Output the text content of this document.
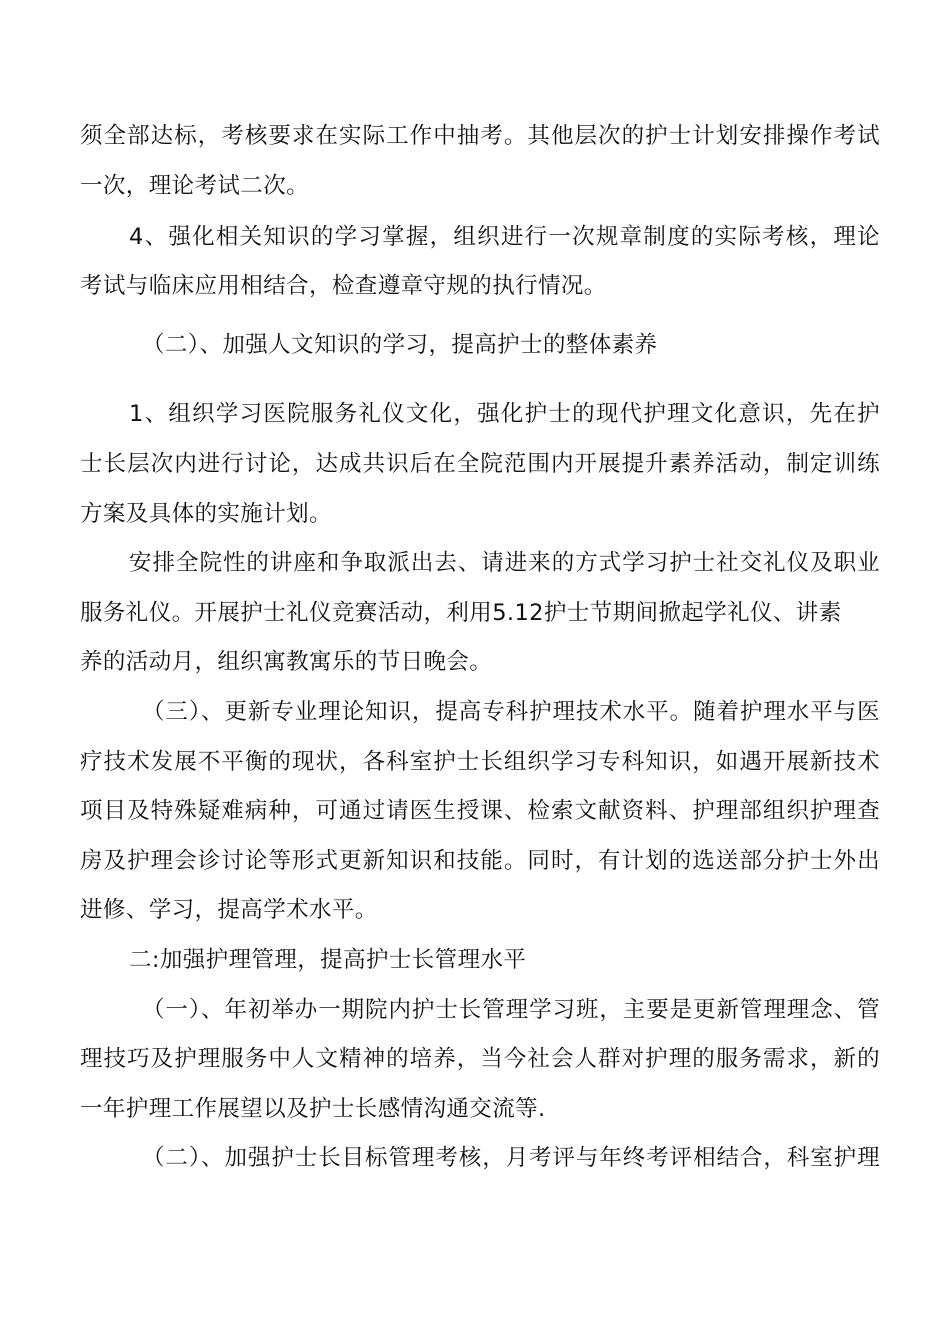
须全部达标，考核要求在实际工作中抽考。其他层次的护士计划安排操作考试
一次，理论考试二次。
4、强化相关知识的学习掌握，组织进行一次规章制度的实际考核，理论
考试与临床应用相结合，检查遵章守规的执行情况。
（二）、加强人文知识的学习，提高护士的整体素养
1、组织学习医院服务礼仪文化，强化护士的现代护理文化意识，先在护
士长层次内进行讨论，达成共识后在全院范围内开展提升素养活动，制定训练
方案及具体的实施计划。
安排全院性的讲座和争取派出去、请进来的方式学习护士社交礼仪及职业
服务礼仪。开展护士礼仪竞赛活动，利用5.12护士节期间掀起学礼仪、讲素
养的活动月，组织寓教寓乐的节日晚会。
（三）、更新专业理论知识，提高专科护理技术水平。随着护理水平与医
疗技术发展不平衡的现状，各科室护士长组织学习专科知识，如遇开展新技术
项目及特殊疑难病种，可通过请医生授课、检索文献资料、护理部组织护理查
房及护理会诊讨论等形式更新知识和技能。同时，有计划的选送部分护士外出
进修、学习，提高学术水平。
二:加强护理管理，提高护士长管理水平
（一）、年初举办一期院内护士长管理学习班，主要是更新管理理念、管
理技巧及护理服务中人文精神的培养，当今社会人群对护理的服务需求，新的
一年护理工作展望以及护士长感情沟通交流等.
（二）、加强护士长目标管理考核，月考评与年终考评相结合，科室护理
